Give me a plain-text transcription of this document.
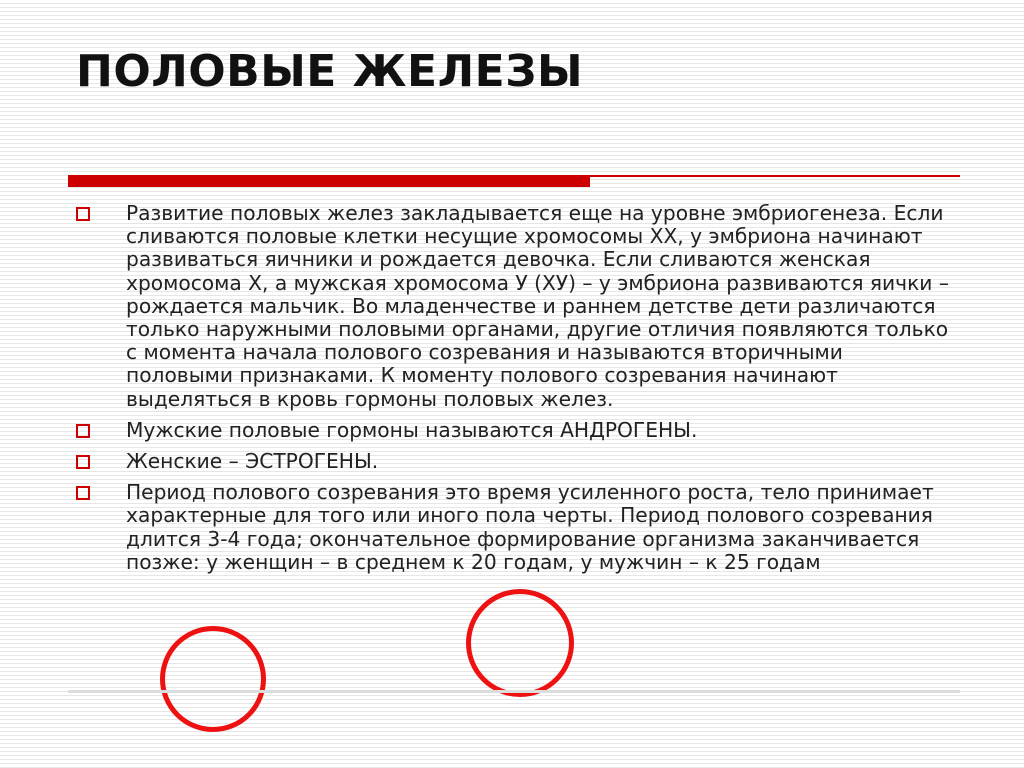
ПОЛОВЫЕ ЖЕЛЕЗЫ
Развитие половых желез закладывается еще на уровне эмбриогенеза. Если сливаются половые клетки несущие хромосомы ХХ, у эмбриона начинают развиваться яичники и рождается девочка. Если сливаются женская хромосома Х, а мужская хромосома У (ХУ) – у эмбриона развиваются яички – рождается мальчик. Во младенчестве и раннем детстве дети различаются только наружными половыми органами, другие отличия появляются только с момента начала полового созревания и называются вторичными половыми признаками. К моменту полового созревания начинают выделяться в кровь гормоны половых желез.
Мужские половые гормоны называются АНДРОГЕНЫ.
Женские – ЭСТРОГЕНЫ.
Период полового созревания это время усиленного роста, тело принимает характерные для того или иного пола черты. Период полового созревания длится 3-4 года; окончательное формирование организма заканчивается позже: у женщин – в среднем к 20 годам, у мужчин – к 25 годам
